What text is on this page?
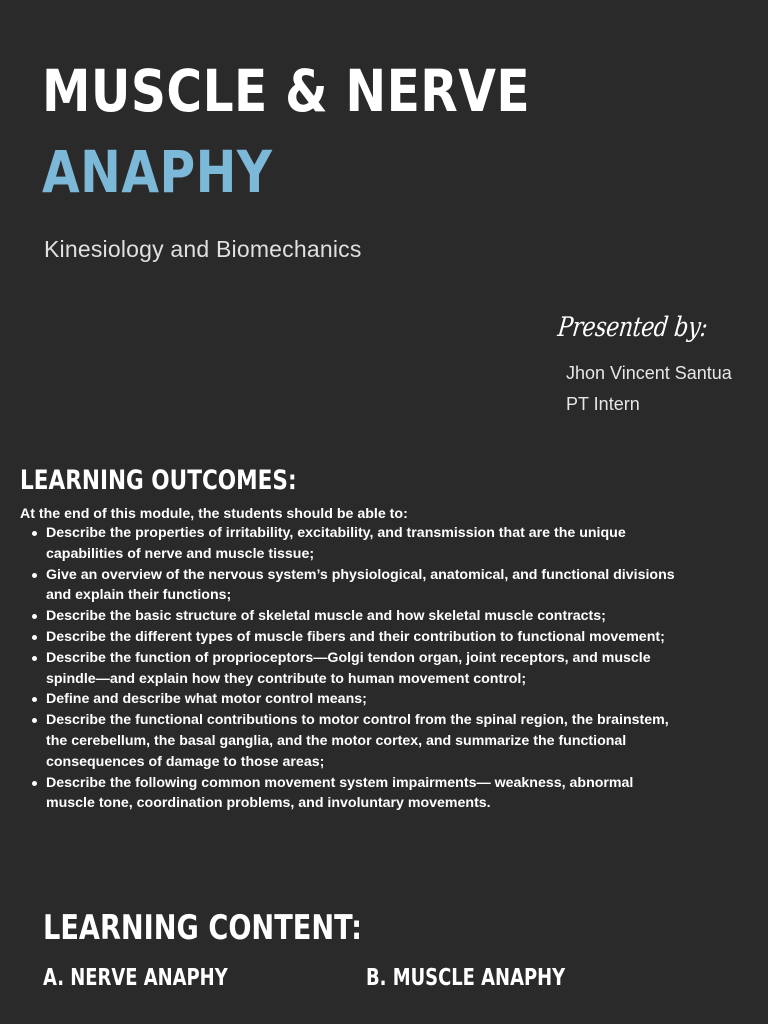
MUSCLE & NERVE
ANAPHY
Kinesiology and Biomechanics
Presented by:
Jhon Vincent Santua
PT Intern
LEARNING OUTCOMES:
At the end of this module, the students should be able to:
Describe the properties of irritability, excitability, and transmission that are the unique
capabilities of nerve and muscle tissue;
Give an overview of the nervous system’s physiological, anatomical, and functional divisions
and explain their functions;
Describe the basic structure of skeletal muscle and how skeletal muscle contracts;
Describe the different types of muscle fibers and their contribution to functional movement;
Describe the function of proprioceptors—Golgi tendon organ, joint receptors, and muscle
spindle—and explain how they contribute to human movement control;
Define and describe what motor control means;
Describe the functional contributions to motor control from the spinal region, the brainstem,
the cerebellum, the basal ganglia, and the motor cortex, and summarize the functional
consequences of damage to those areas;
Describe the following common movement system impairments— weakness, abnormal
muscle tone, coordination problems, and involuntary movements.
LEARNING CONTENT:
A. NERVE ANAPHY	B. MUSCLE ANAPHY
